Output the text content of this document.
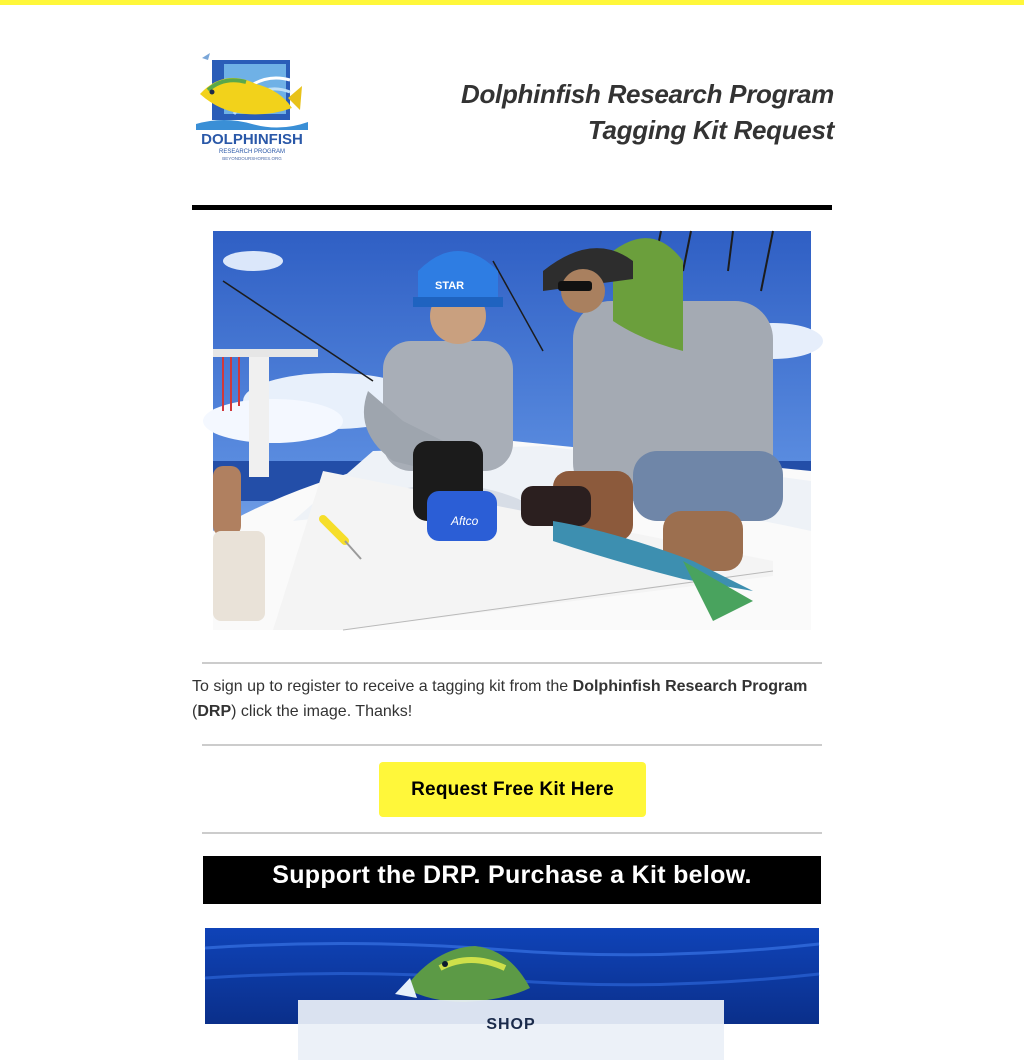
DOLPHINFISH
RESEARCH PROGRAM
BEYONDOURSHORES.ORG
Dolphinfish Research Program
Tagging Kit Request
STAR
Aftco
To sign up to register to receive a tagging kit from the Dolphinfish Research Program (DRP) click the image. Thanks!
Request Free Kit Here
Support the DRP. Purchase a Kit below.
SHOP
